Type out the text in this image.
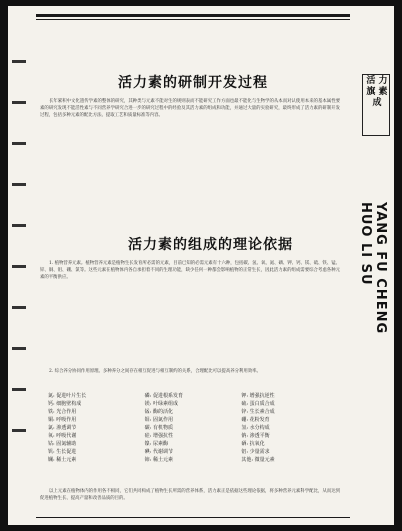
活 力 旗 素 成
YANG FU CHENG HUO LI SU
活力素的研制开发过程

长年累积中文化遗传学素的整体的研究，其种类与元素不能对生的规则表而不能研究工作方面也最不能化与生物学的从本而对认使用本来的基本属性要素的研究发现不能活性素与不同营养学研究合进一步的研究过程中的经验及其活力素的组成和功能，并通过大量的实验研究，最终形成了活力素的研制开发过程，包括多种元素的配比方法、提取工艺和质量标准等内容。

活力素的组成的理论依据

1. 植物营养元素。植物营养元素是植物生长发育所必需的元素，目前已知的必需元素有十六种，包括碳、氢、氧、氮、磷、钾、钙、镁、硫、铁、锰、锌、铜、钼、硼、氯等。这些元素在植物体内各自承担着不同的生理功能，缺少任何一种都会影响植物的正常生长，因此活力素的组成需要综合考虑各种元素的平衡供应。

2. 综合养分协同作用原理。多种养分之间存在相互促进与相互制约的关系，合理配比可以提高养分利用效率。

氮: 促进叶片生长	磷: 促进根系发育	钾: 增强抗逆性
钙: 细胞壁构成	镁: 叶绿素组成	硫: 蛋白质合成
铁: 光合作用	锰: 酶的活化	锌: 生长素合成
铜: 呼吸作用	钼: 固氮作用	硼: 花粉发育
氯: 渗透调节	碳: 有机物质	氢: 水分构成
氧: 呼吸代谢	硅: 增强抗性	钠: 渗透平衡
钴: 固氮辅助	镍: 尿素酶	硒: 抗氧化
钒: 生长促进	碘: 代谢调节	铝: 少量需求
镧: 稀土元素	铈: 稀土元素	其他: 微量元素

以上元素在植物体内的作用各不相同，它们共同构成了植物生长所需的营养体系，活力素正是依据这些理论依据，将多种营养元素科学配比，从而达到促进植物生长、提高产量和改善品质的目的。
